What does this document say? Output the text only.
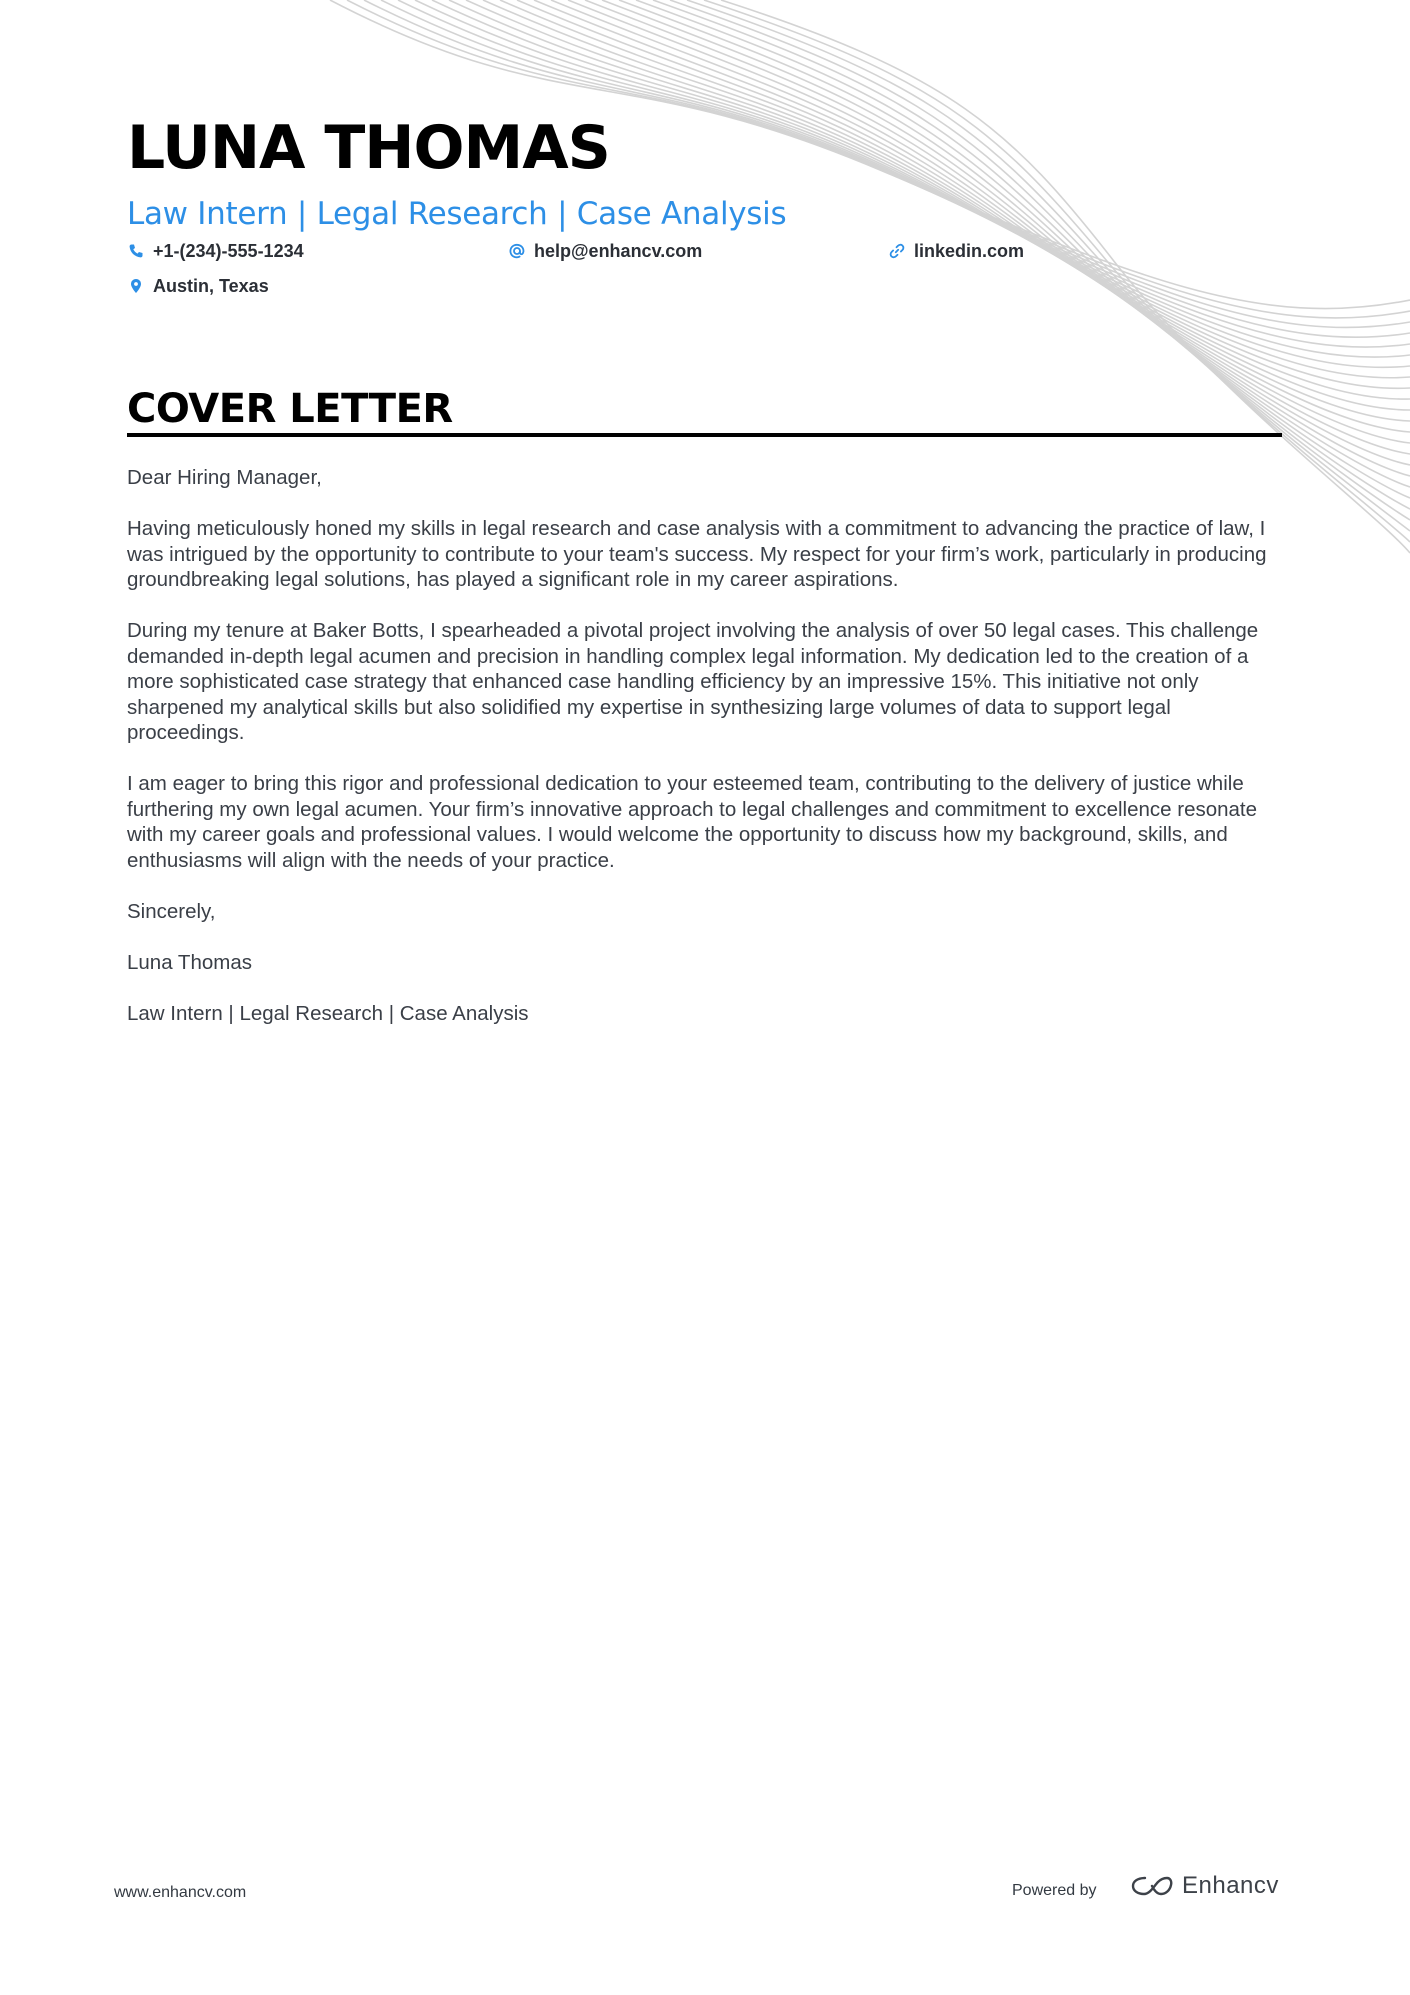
LUNA THOMAS
Law Intern | Legal Research | Case Analysis
+1-(234)-555-1234	help@enhancv.com	linkedin.com
Austin, Texas
COVER LETTER

Dear Hiring Manager,

Having meticulously honed my skills in legal research and case analysis with a commitment to advancing the practice of law, I was intrigued by the opportunity to contribute to your team's success. My respect for your firm’s work, particularly in producing groundbreaking legal solutions, has played a significant role in my career aspirations.

During my tenure at Baker Botts, I spearheaded a pivotal project involving the analysis of over 50 legal cases. This challenge demanded in-depth legal acumen and precision in handling complex legal information. My dedication led to the creation of a more sophisticated case strategy that enhanced case handling efficiency by an impressive 15%. This initiative not only sharpened my analytical skills but also solidified my expertise in synthesizing large volumes of data to support legal proceedings.

I am eager to bring this rigor and professional dedication to your esteemed team, contributing to the delivery of justice while furthering my own legal acumen. Your firm’s innovative approach to legal challenges and commitment to excellence resonate with my career goals and professional values. I would welcome the opportunity to discuss how my background, skills, and enthusiasms will align with the needs of your practice.

Sincerely,

Luna Thomas

Law Intern | Legal Research | Case Analysis

www.enhancv.com	Powered by	Enhancv
